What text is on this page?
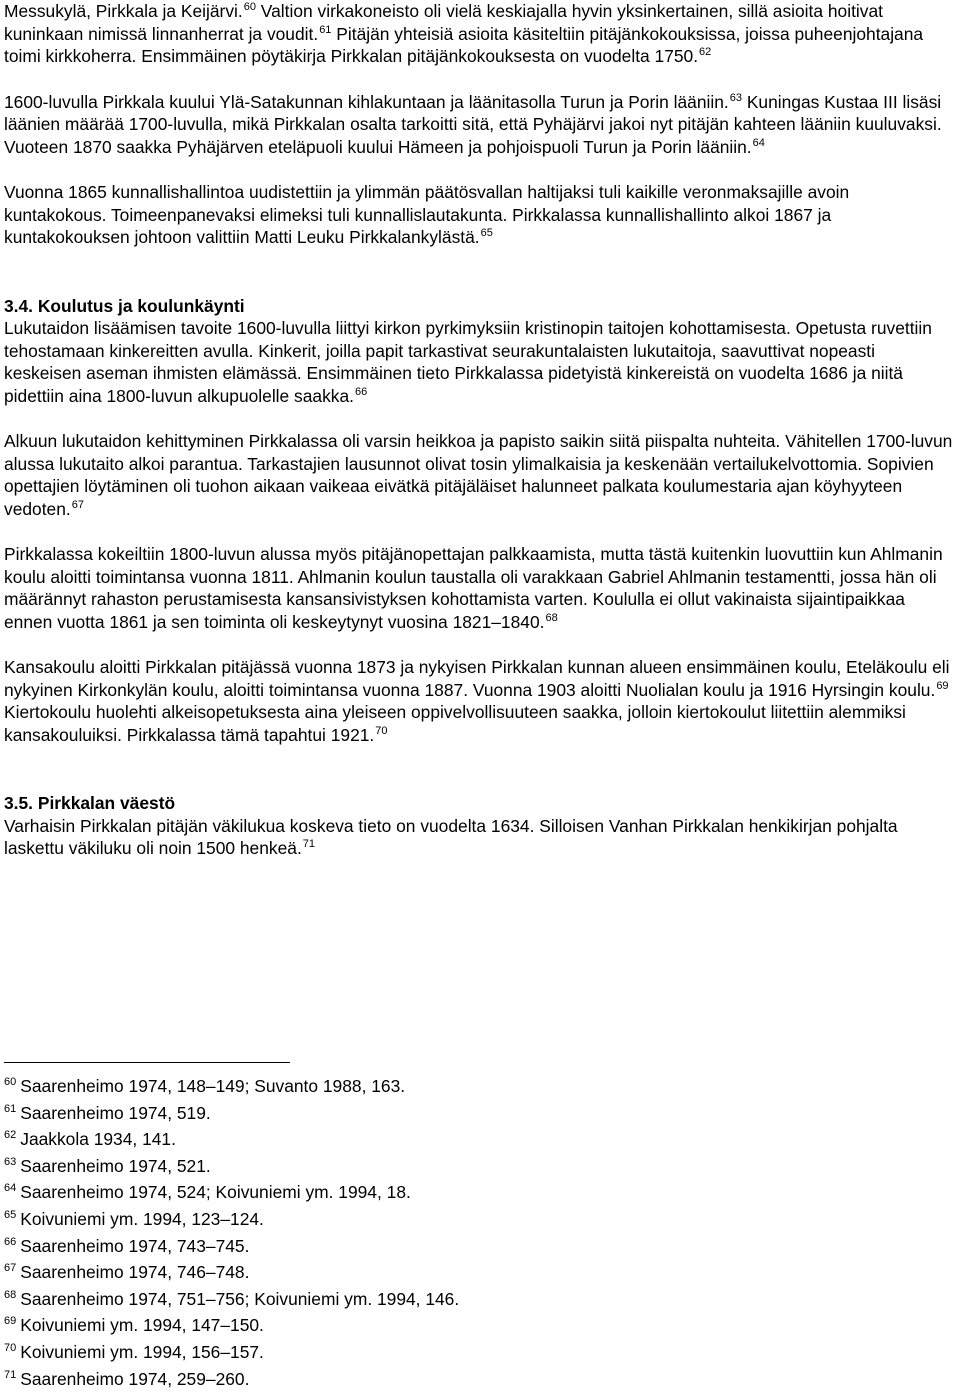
Messukylä, Pirkkala ja Keijärvi.$^{60}$ Valtion virkakoneisto oli vielä keskiajalla hyvin yksinkertainen, sillä asioita hoitivat kuninkaan nimissä linnanherrat ja voudit.$^{61}$ Pitäjän yhteisiä asioita käsiteltiin pitäjänkokouksissa, joissa puheenjohtajana toimi kirkkoherra. Ensimmäinen pöytäkirja Pirkkalan pitäjänkokouksesta on vuodelta 1750.62

1600-luvulla Pirkkala kuului Ylä-Satakunnan kihlakuntaan ja läänitasolla Turun ja Porin lääniin.$^{63}$ Kuningas Kustaa III lisäsi läänien määrää 1700-luvulla, mikä Pirkkalan osalta tarkoitti sitä, että Pyhäjärvi jakoi nyt pitäjän kahteen lääniin kuuluvaksi. Vuoteen 1870 saakka Pyhäjärven eteläpuoli kuului Hämeen ja pohjoispuoli Turun ja Porin lääniin.$^{64}$

Vuonna 1865 kunnallishallintoa uudistettiin ja ylimmän päätösvallan haltijaksi tuli kaikille veronmaksajille avoin kuntakokous. Toimeenpanevaksi elimeksi tuli kunnallislautakunta. Pirkkalassa kunnallishallinto alkoi 1867 ja kuntakokouksen johtoon valittiin Matti Leuku Pirkkalankylästä.$^{65}$

3.4. Koulutus ja koulunkäynti

Lukutaidon lisäämisen tavoite 1600-luvulla liittyi kirkon pyrkimyksiin kristinopin taitojen kohottamisesta. Opetusta ruvettiin tehostamaan kinkereitten avulla. Kinkerit, joilla papit tarkastivat seurakuntalaisten lukutaitoja, saavuttivat nopeasti keskeisen aseman ihmisten elämässä. Ensimmäinen tieto Pirkkalassa pidetyistä kinkereistä on vuodelta 1686 ja niitä pidettiin aina 1800-luvun alkupuolelle saakka.$^{66}$

Alkuun lukutaidon kehittyminen Pirkkalassa oli varsin heikkoa ja papisto saikin siitä piispalta nuhteita. Vähitellen 1700-luvun alussa lukutaito alkoi parantua. Tarkastajien lausunnot olivat tosin ylimalkaisia ja keskenään vertailukelvottomia. Sopivien opettajien löytäminen oli tuohon aikaan vaikeaa eivätkä pitäjäläiset halunneet palkata koulumestaria ajan köyhyyteen vedoten.$^{67}$

Pirkkalassa kokeiltiin 1800-luvun alussa myös pitäjänopettajan palkkaamista, mutta tästä kuitenkin luovuttiin kun Ahlmanin koulu aloitti toimintansa vuonna 1811. Ahlmanin koulun taustalla oli varakkaan Gabriel Ahlmanin testamentti, jossa hän oli määrännyt rahaston perustamisesta kansansivistyksen kohottamista varten. Koululla ei ollut vakinaista sijaintipaikkaa ennen vuotta 1861 ja sen toiminta oli keskeytynyt vuosina 1821–1840.68

Kansakoulu aloitti Pirkkalan pitäjässä vuonna 1873 ja nykyisen Pirkkalan kunnan alueen ensimmäinen koulu, Eteläkoulu eli nykyinen Kirkonkylän koulu, aloitti toimintansa vuonna 1887. Vuonna 1903 aloitti Nuolialan koulu ja 1916 Hyrsingin koulu.$^{69}$ Kiertokoulu huolehti alkeisopetuksesta aina yleiseen oppivelvollisuuteen saakka, jolloin kiertokoulut liitettiin alemmiksi kansakouluiksi. Pirkkalassa tämä tapahtui 1921.70

3.5. Pirkkalan väestö

Varhaisin Pirkkalan pitäjän väkilukua koskeva tieto on vuodelta 1634. Silloisen Vanhan Pirkkalan henkikirjan pohjalta laskettu väkiluku oli noin 1500 henkeä.$^{71}$

$^{60}$ Saarenheimo 1974, 148–149; Suvanto 1988, 163.

$^{61}$ Saarenheimo 1974, 519.

$^{62}$ Jaakkola 1934, 141.

$^{63}$ Saarenheimo 1974, 521.

$^{64}$ Saarenheimo 1974, 524; Koivuniemi ym. 1994, 18.

$^{65}$ Koivuniemi ym. 1994, 123–124.

$^{66}$ Saarenheimo 1974, 743–745.

$^{67}$ Saarenheimo 1974, 746–748.

$^{68}$ Saarenheimo 1974, 751–756; Koivuniemi ym. 1994, 146.

$^{69}$ Koivuniemi ym. 1994, 147–150.

$^{70}$ Koivuniemi ym. 1994, 156–157.

$^{71}$ Saarenheimo 1974, 259–260.
